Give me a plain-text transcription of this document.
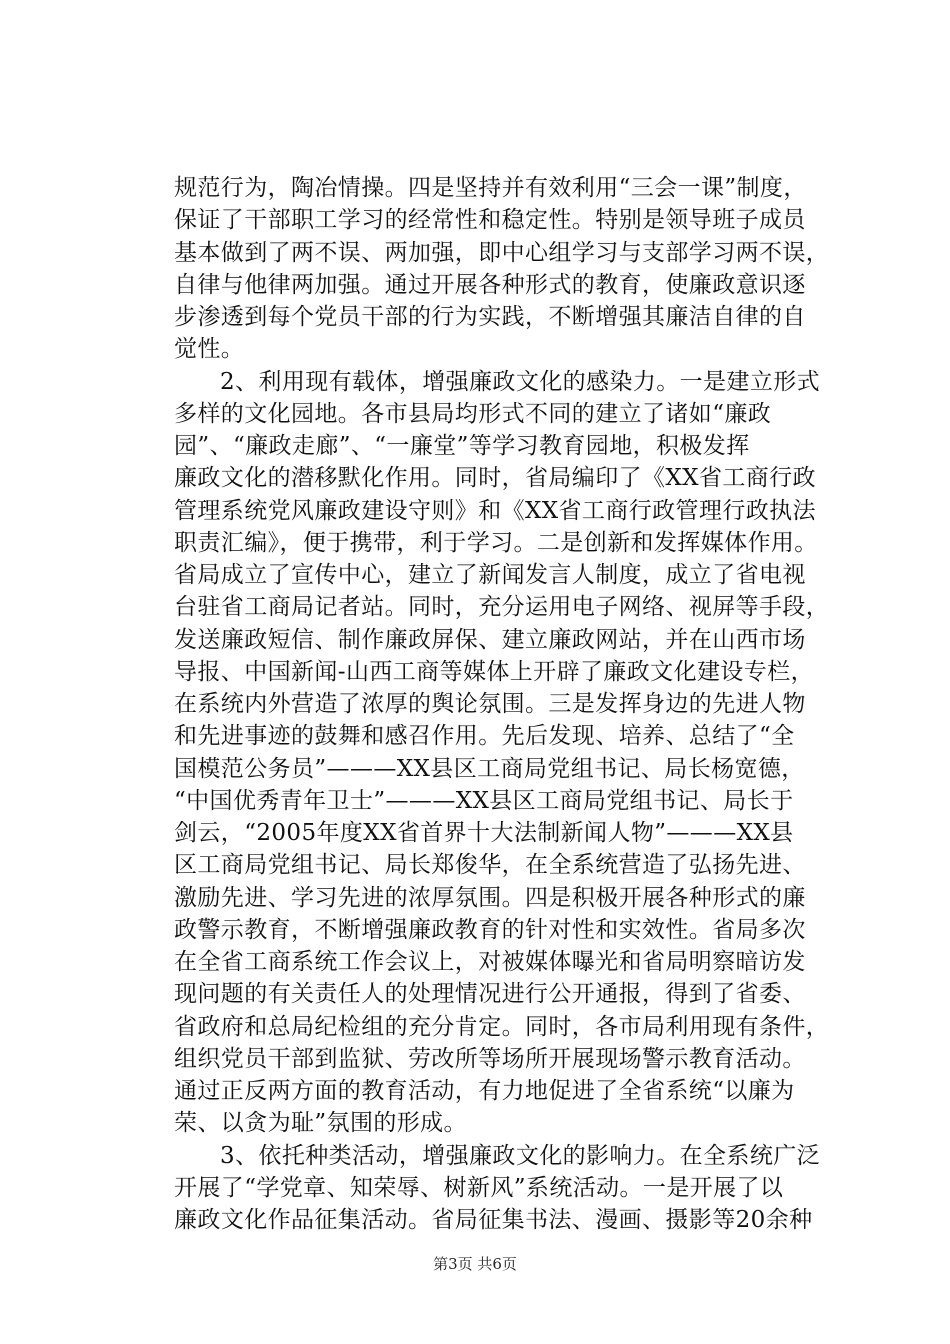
规范行为，陶冶情操。四是坚持并有效利用“三会一课”制度，
保证了干部职工学习的经常性和稳定性。特别是领导班子成员
基本做到了两不误、两加强，即中心组学习与支部学习两不误，
自律与他律两加强。通过开展各种形式的教育，使廉政意识逐
步渗透到每个党员干部的行为实践，不断增强其廉洁自律的自
觉性。
2、利用现有载体，增强廉政文化的感染力。一是建立形式
多样的文化园地。各市县局均形式不同的建立了诸如“廉政
园”、“廉政走廊”、“一廉堂”等学习教育园地，积极发挥
廉政文化的潜移默化作用。同时，省局编印了《XX省工商行政
管理系统党风廉政建设守则》和《XX省工商行政管理行政执法
职责汇编》，便于携带，利于学习。二是创新和发挥媒体作用。
省局成立了宣传中心，建立了新闻发言人制度，成立了省电视
台驻省工商局记者站。同时，充分运用电子网络、视屏等手段，
发送廉政短信、制作廉政屏保、建立廉政网站，并在山西市场
导报、中国新闻-山西工商等媒体上开辟了廉政文化建设专栏，
在系统内外营造了浓厚的舆论氛围。三是发挥身边的先进人物
和先进事迹的鼓舞和感召作用。先后发现、培养、总结了“全
国模范公务员”———XX县区工商局党组书记、局长杨宽德，
“中国优秀青年卫士”———XX县区工商局党组书记、局长于
剑云，“2005年度XX省首界十大法制新闻人物”———XX县
区工商局党组书记、局长郑俊华，在全系统营造了弘扬先进、
激励先进、学习先进的浓厚氛围。四是积极开展各种形式的廉
政警示教育，不断增强廉政教育的针对性和实效性。省局多次
在全省工商系统工作会议上，对被媒体曝光和省局明察暗访发
现问题的有关责任人的处理情况进行公开通报，得到了省委、
省政府和总局纪检组的充分肯定。同时，各市局利用现有条件，
组织党员干部到监狱、劳改所等场所开展现场警示教育活动。
通过正反两方面的教育活动，有力地促进了全省系统“以廉为
荣、以贪为耻”氛围的形成。
3、依托种类活动，增强廉政文化的影响力。在全系统广泛
开展了“学党章、知荣辱、树新风”系统活动。一是开展了以
廉政文化作品征集活动。省局征集书法、漫画、摄影等20余种
第3页 共6页
